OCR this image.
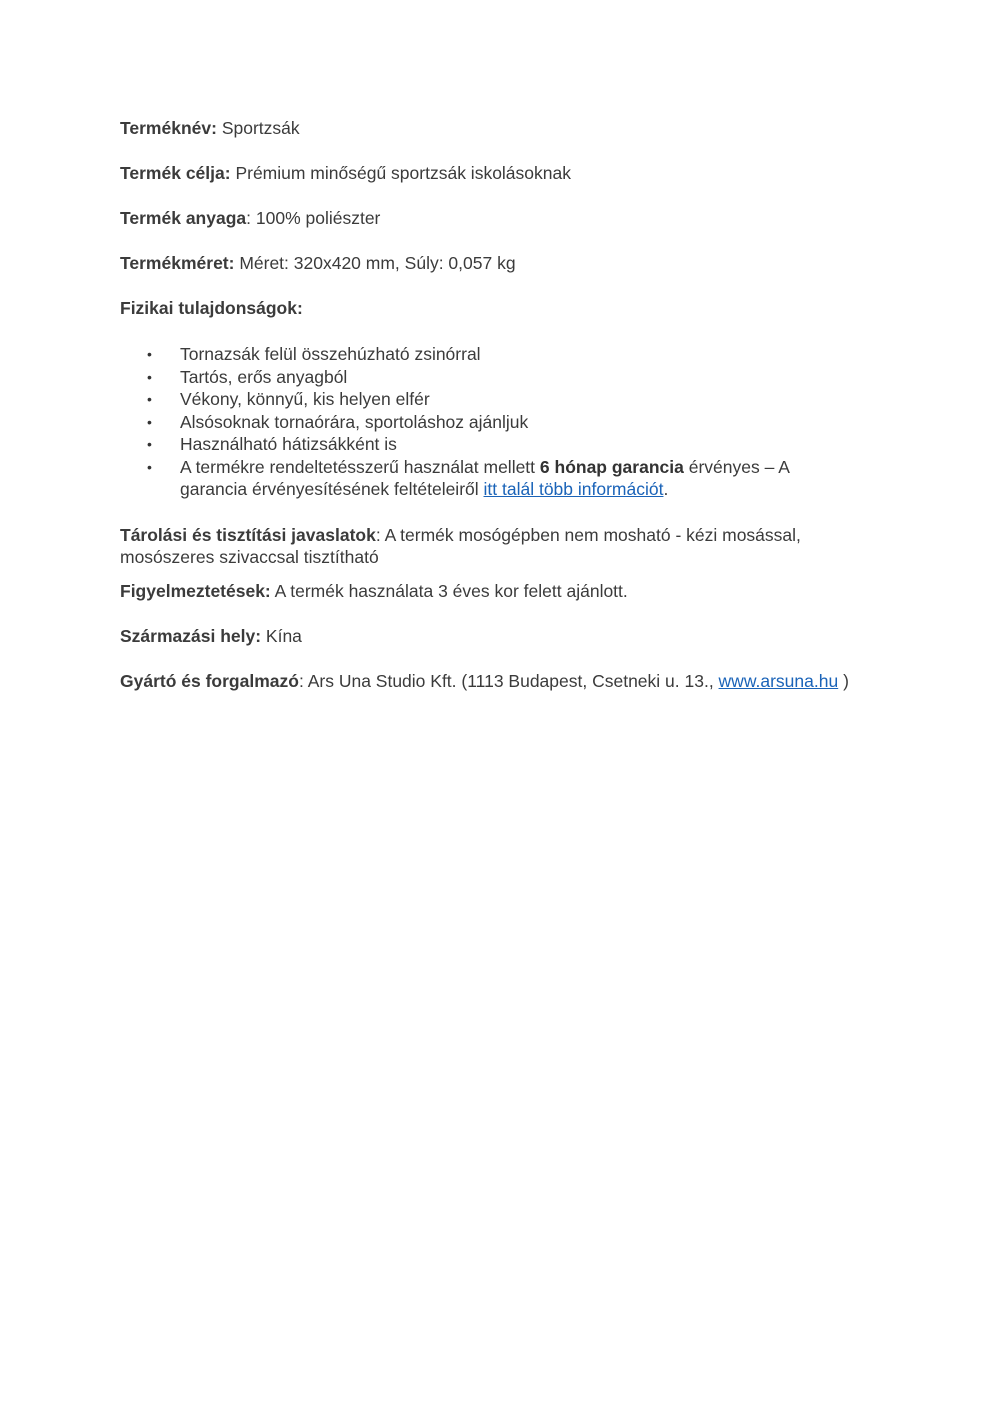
Terméknév: Sportzsák

Termék célja: Prémium minőségű sportzsák iskolásoknak

Termék anyaga: 100% poliészter

Termékméret: Méret: 320x420 mm, Súly: 0,057 kg

Fizikai tulajdonságok:

• Tornazsák felül összehúzható zsinórral
• Tartós, erős anyagból
• Vékony, könnyű, kis helyen elfér
• Alsósoknak tornaórára, sportoláshoz ajánljuk
• Használható hátizsákként is
• A termékre rendeltetésszerű használat mellett 6 hónap garancia érvényes – A garancia érvényesítésének feltételeiről itt talál több információt.

Tárolási és tisztítási javaslatok: A termék mosógépben nem mosható - kézi mosással, mosószeres szivaccsal tisztítható

Figyelmeztetések: A termék használata 3 éves kor felett ajánlott.

Származási hely: Kína

Gyártó és forgalmazó: Ars Una Studio Kft. (1113 Budapest, Csetneki u. 13., www.arsuna.hu )
